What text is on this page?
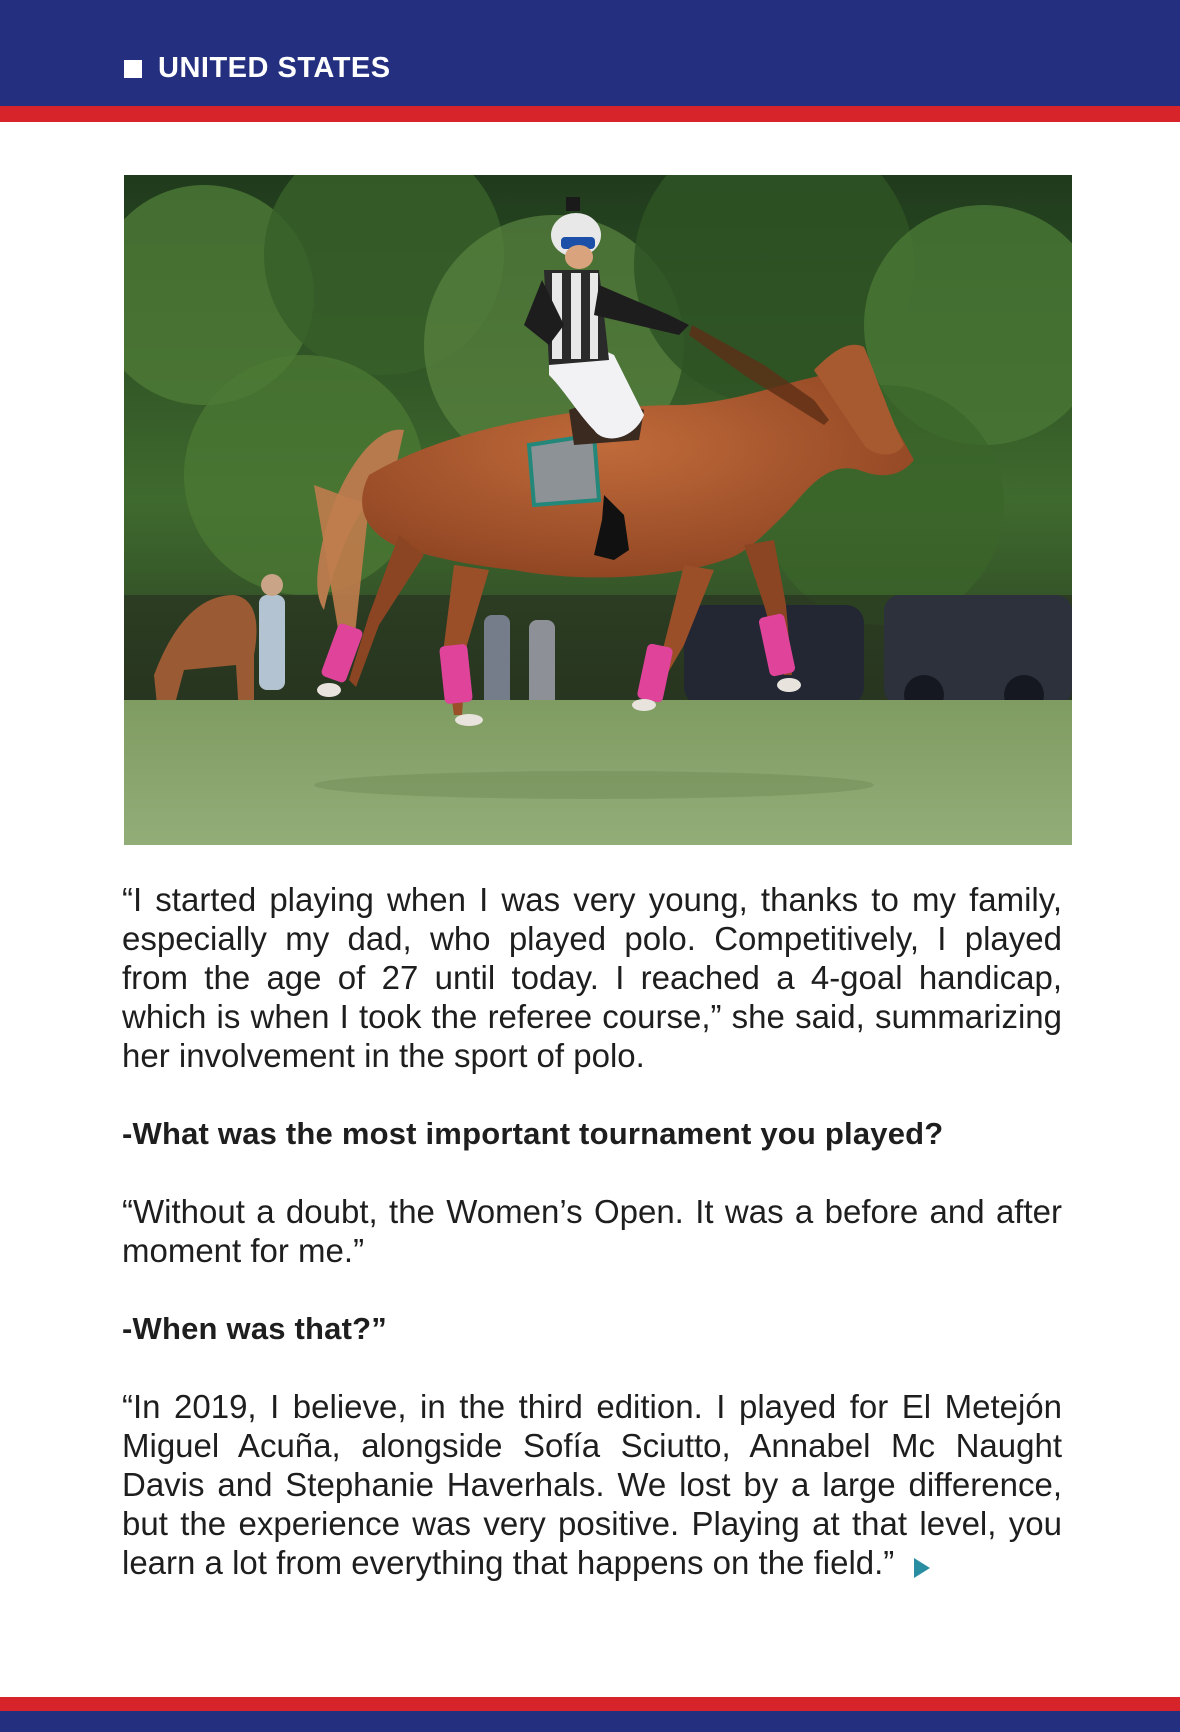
UNITED STATES

“I started playing when I was very young, thanks to my family, especially my dad, who played polo. Competitively, I played from the age of 27 until today. I reached a 4-goal handicap, which is when I took the referee course,” she said, summarizing her involvement in the sport of polo.

-What was the most important tournament you played?

“Without a doubt, the Women’s Open. It was a before and after moment for me.”

-When was that?”

“In 2019, I believe, in the third edition. I played for El Metejón Miguel Acuña, alongside Sofía Sciutto, Annabel Mc Naught Davis and Stephanie Haverhals. We lost by a large difference, but the experience was very positive. Playing at that level, you learn a lot from everything that happens on the field.”
